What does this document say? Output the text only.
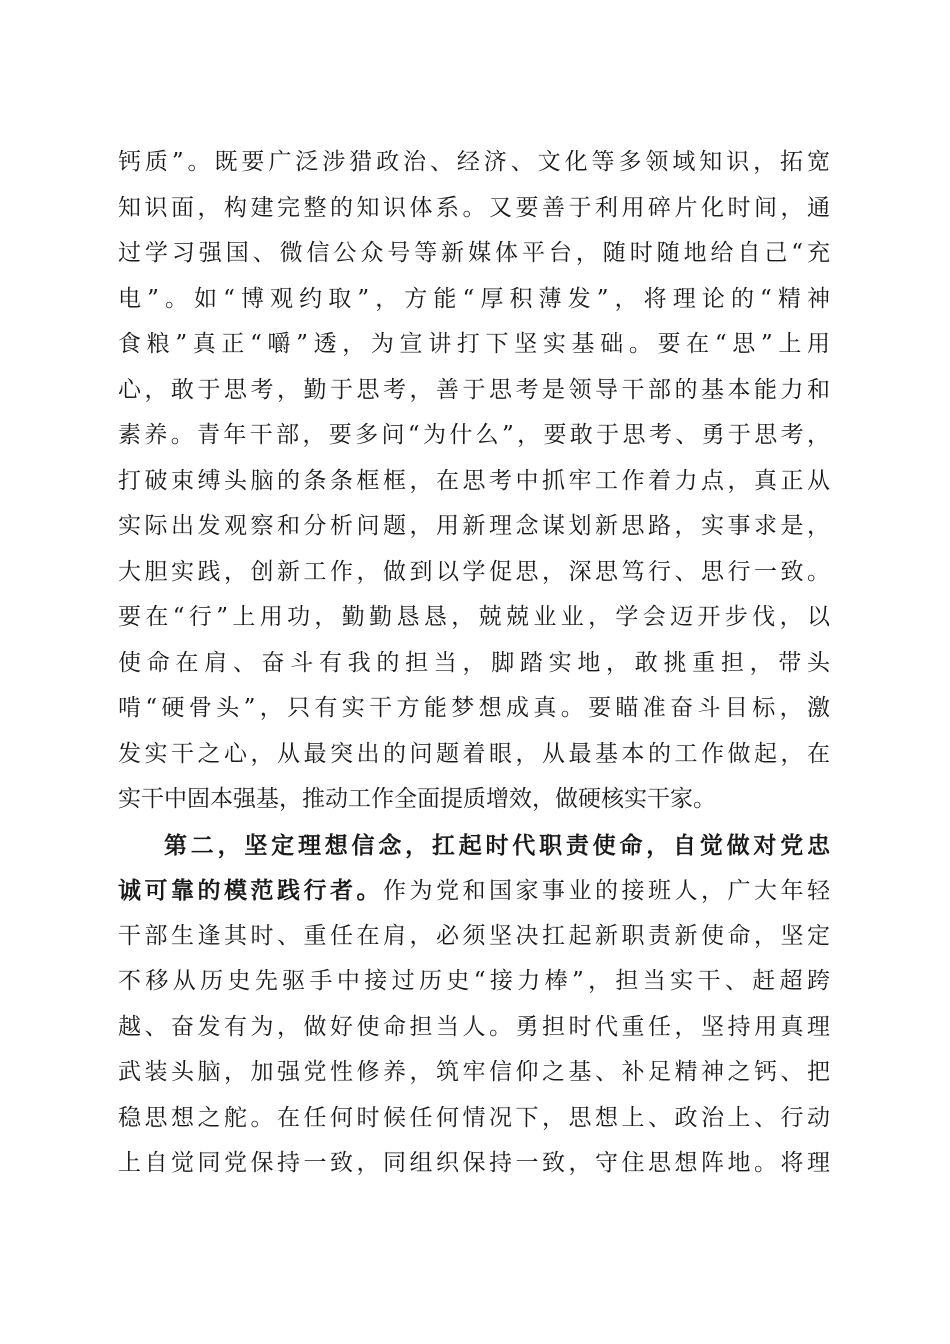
钙质”。既要广泛涉猎政治、经济、文化等多领域知识，拓宽
知识面，构建完整的知识体系。又要善于利用碎片化时间，通
过学习强国、微信公众号等新媒体平台，随时随地给自己“充
电”。如“博观约取”，方能“厚积薄发”，将理论的“精神
食粮”真正“嚼”透，为宣讲打下坚实基础。要在“思”上用
心，敢于思考，勤于思考，善于思考是领导干部的基本能力和
素养。青年干部，要多问“为什么”，要敢于思考、勇于思考，
打破束缚头脑的条条框框，在思考中抓牢工作着力点，真正从
实际出发观察和分析问题，用新理念谋划新思路，实事求是，
大胆实践，创新工作，做到以学促思，深思笃行、思行一致。
要在“行”上用功，勤勤恳恳，兢兢业业，学会迈开步伐，以
使命在肩、奋斗有我的担当，脚踏实地，敢挑重担，带头
啃“硬骨头”，只有实干方能梦想成真。要瞄准奋斗目标，激
发实干之心，从最突出的问题着眼，从最基本的工作做起，在
实干中固本强基，推动工作全面提质增效，做硬核实干家。
第二，坚定理想信念，扛起时代职责使命，自觉做对党忠
诚可靠的模范践行者。作为党和国家事业的接班人，广大年轻
干部生逢其时、重任在肩，必须坚决扛起新职责新使命，坚定
不移从历史先驱手中接过历史“接力棒”，担当实干、赶超跨
越、奋发有为，做好使命担当人。勇担时代重任，坚持用真理
武装头脑，加强党性修养，筑牢信仰之基、补足精神之钙、把
稳思想之舵。在任何时候任何情况下，思想上、政治上、行动
上自觉同党保持一致，同组织保持一致，守住思想阵地。将理
